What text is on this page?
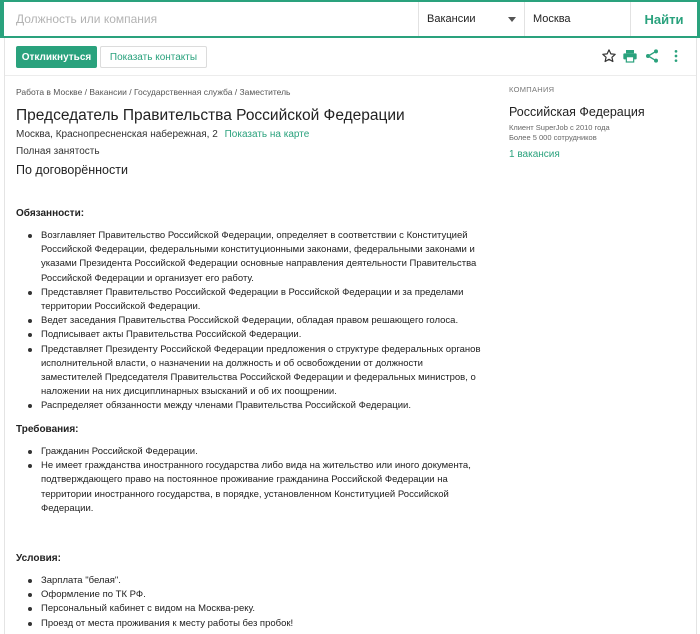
Должность или компания
Вакансии	Москва	Найти
Откликнуться	Показать контакты
Работа в Москве / Вакансии / Государственная служба / Заместитель
Председатель Правительства Российской Федерации
Москва, Краснопресненская набережная, 2 Показать на карте
Полная занятость
По договорённости
КОМПАНИЯ
Российская Федерация
Клиент SuperJob с 2010 года
Более 5 000 сотрудников
1 вакансия
Обязанности:
Возглавляет Правительство Российской Федерации, определяет в соответствии с Конституцией Российской Федерации, федеральными конституционными законами, федеральными законами и указами Президента Российской Федерации основные направления деятельности Правительства Российской Федерации и организует его работу.
Представляет Правительство Российской Федерации в Российской Федерации и за пределами территории Российской Федерации.
Ведет заседания Правительства Российской Федерации, обладая правом решающего голоса.
Подписывает акты Правительства Российской Федерации.
Представляет Президенту Российской Федерации предложения о структуре федеральных органов исполнительной власти, о назначении на должность и об освобождении от должности заместителей Председателя Правительства Российской Федерации и федеральных министров, о наложении на них дисциплинарных взысканий и об их поощрении.
Распределяет обязанности между членами Правительства Российской Федерации.
Требования:
Гражданин Российской Федерации.
Не имеет гражданства иностранного государства либо вида на жительство или иного документа, подтверждающего право на постоянное проживание гражданина Российской Федерации на территории иностранного государства, в порядке, установленном Конституцией Российской Федерации.
Условия:
Зарплата "белая".
Оформление по ТК РФ.
Персональный кабинет с видом на Москва-реку.
Проезд от места проживания к месту работы без пробок!
